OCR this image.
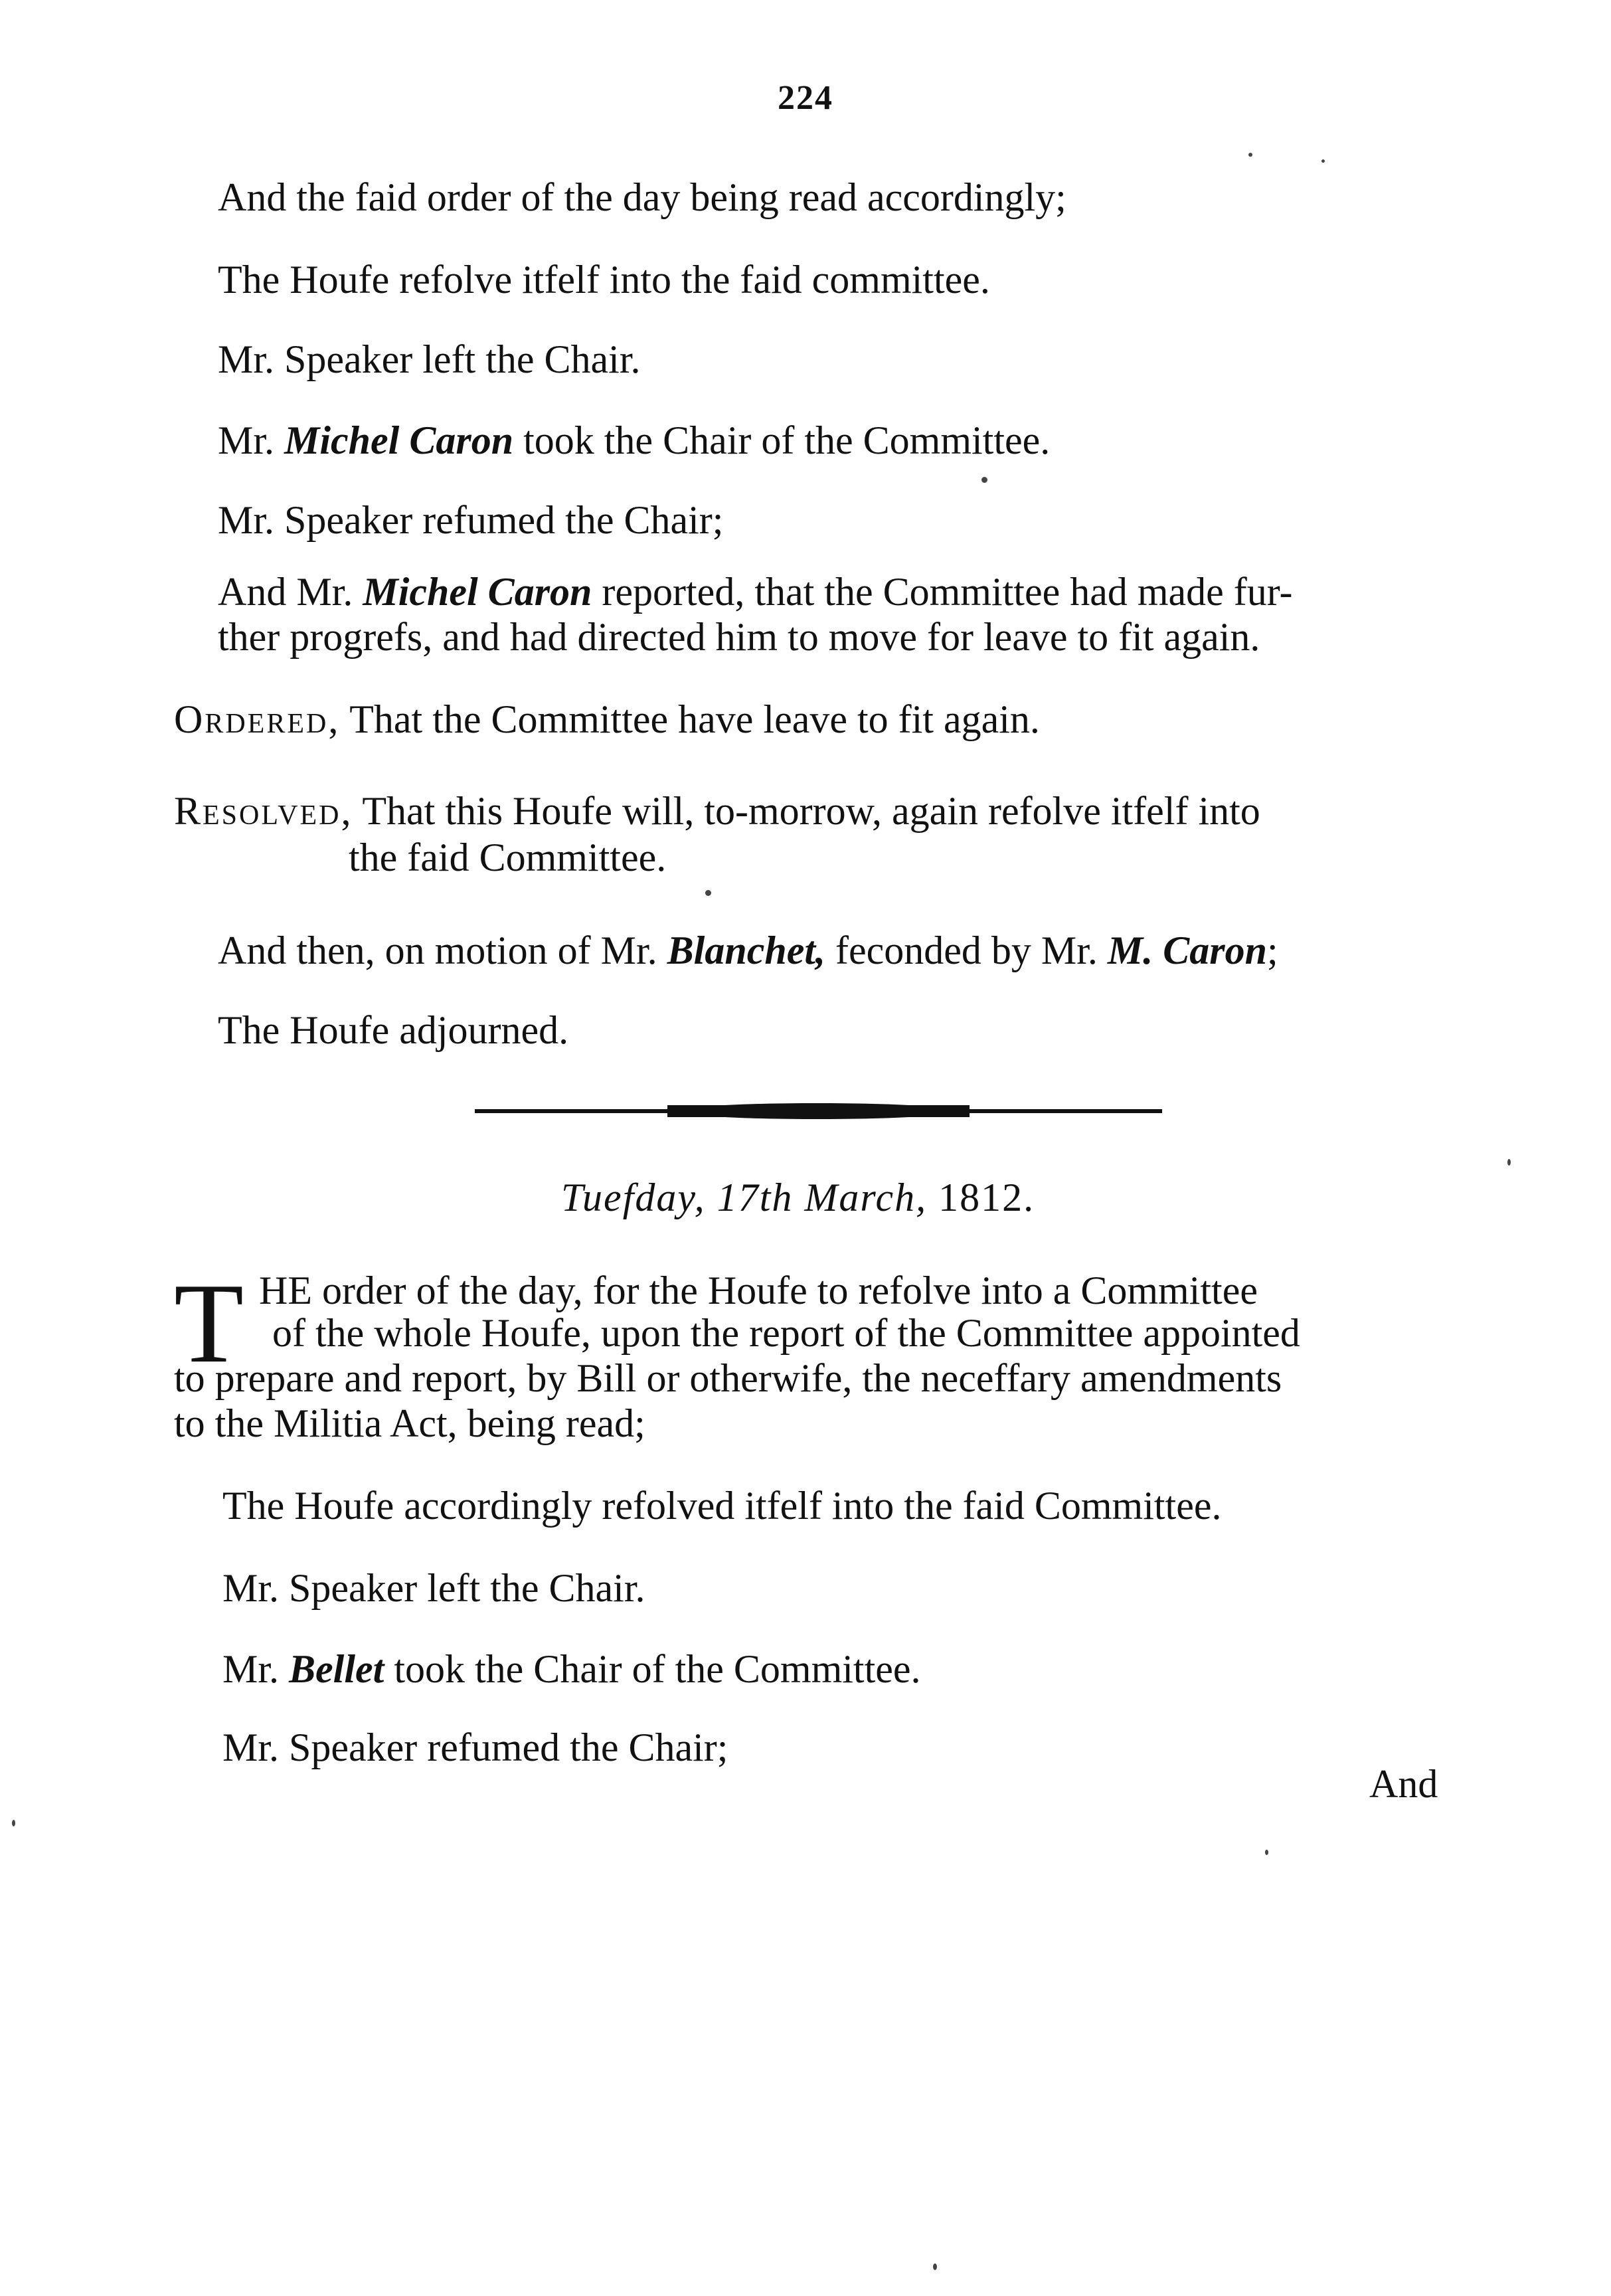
224
And the faid order of the day being read accordingly;
The Houfe refolve itfelf into the faid committee.
Mr. Speaker left the Chair.
Mr. Michel Caron took the Chair of the Committee.
Mr. Speaker refumed the Chair;
And Mr. Michel Caron reported, that the Committee had made fur-
ther progrefs, and had directed him to move for leave to fit again.
Ordered, That the Committee have leave to fit again.
Resolved, That this Houfe will, to-morrow, again refolve itfelf into
the faid Committee.
And then, on motion of Mr. Blanchet, feconded by Mr. M. Caron;
The Houfe adjourned.
Tuefday, 17th March, 1812.
T HE order of the day, for the Houfe to refolve into a Committee
of the whole Houfe, upon the report of the Committee appointed
to prepare and report, by Bill or otherwife, the neceffary amendments
to the Militia Act, being read;
The Houfe accordingly refolved itfelf into the faid Committee.
Mr. Speaker left the Chair.
Mr. Bellet took the Chair of the Committee.
Mr. Speaker refumed the Chair;
And
